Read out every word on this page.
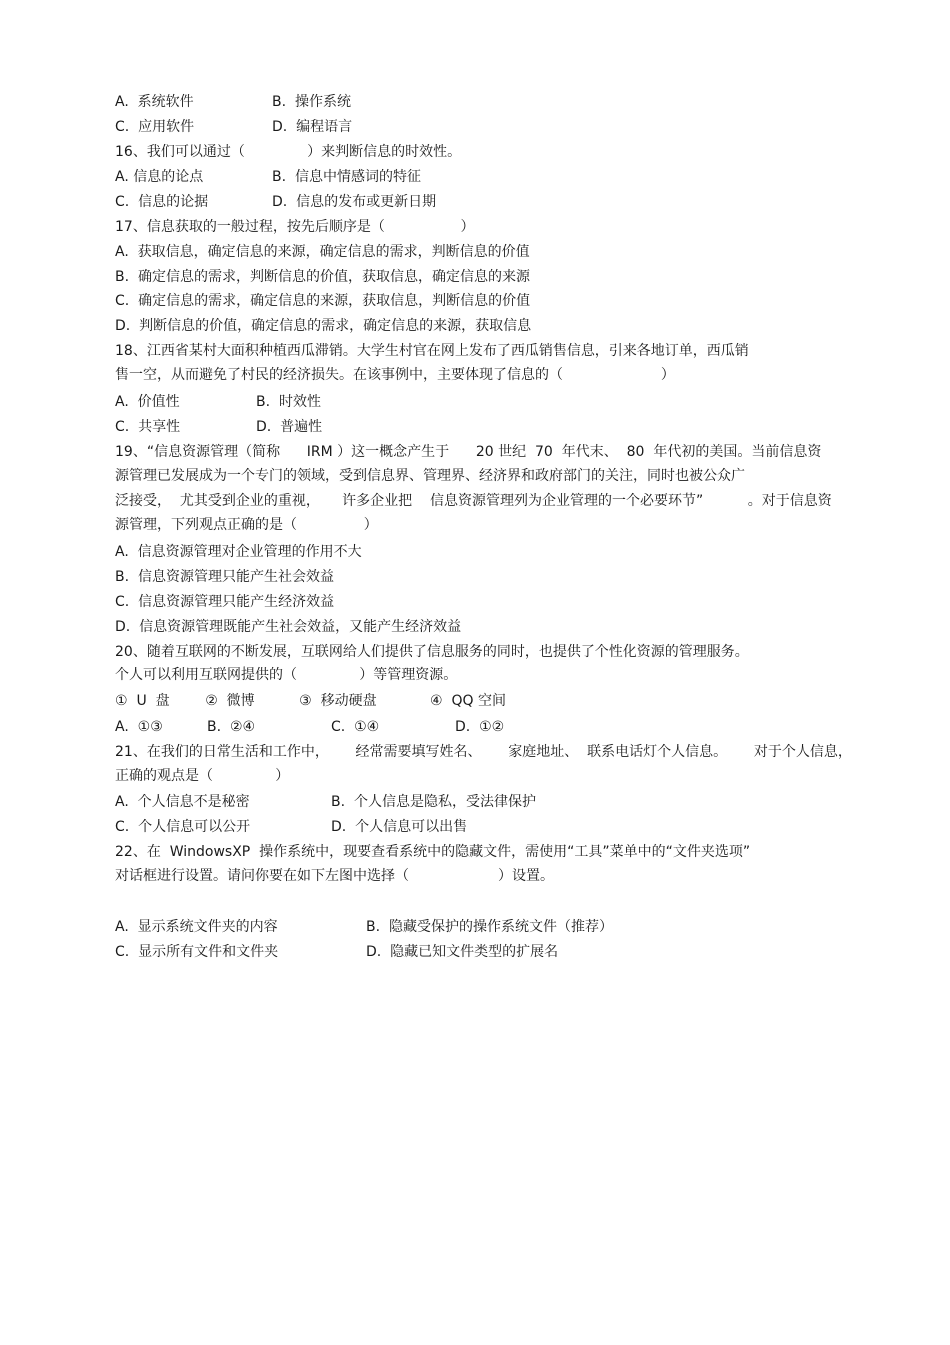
A.  系统软件	B.  操作系统
C.  应用软件	D.  编程语言
16、我们可以通过（              ）来判断信息的时效性。
A. 信息的论点	B.  信息中情感词的特征
C.  信息的论据	D.  信息的发布或更新日期
17、信息获取的一般过程，按先后顺序是（                 ）
A.  获取信息，确定信息的来源，确定信息的需求，判断信息的价值
B.  确定信息的需求，判断信息的价值，获取信息，确定信息的来源
C.  确定信息的需求，确定信息的来源，获取信息，判断信息的价值
D.  判断信息的价值，确定信息的需求，确定信息的来源，获取信息
18、江西省某村大面积种植西瓜滞销。大学生村官在网上发布了西瓜销售信息，引来各地订单，西瓜销
售一空，从而避免了村民的经济损失。在该事例中，主要体现了信息的（                      ）
A.  价值性	B.  时效性
C.  共享性	D.  普遍性
19、“信息资源管理（简称      IRM ）这一概念产生于      20 世纪  70  年代末、  80  年代初的美国。当前信息资
源管理已发展成为一个专门的领域，受到信息界、管理界、经济界和政府部门的关注，同时也被公众广
泛接受，  尤其受到企业的重视，     许多企业把    信息资源管理列为企业管理的一个必要环节”          。对于信息资
源管理，下列观点正确的是（               ）
A.  信息资源管理对企业管理的作用不大
B.  信息资源管理只能产生社会效益
C.  信息资源管理只能产生经济效益
D.  信息资源管理既能产生社会效益，又能产生经济效益
20、随着互联网的不断发展，互联网给人们提供了信息服务的同时，也提供了个性化资源的管理服务。
个人可以利用互联网提供的（              ）等管理资源。
①  U  盘        ②  微博          ③  移动硬盘            ④  QQ 空间
A.  ①③	B.  ②④	C.  ①④	D.  ①②
21、在我们的日常生活和工作中，      经常需要填写姓名、      家庭地址、  联系电话灯个人信息。      对于个人信息，
正确的观点是（              ）
A.  个人信息不是秘密	B.  个人信息是隐私，受法律保护
C.  个人信息可以公开	D.  个人信息可以出售
22、在  WindowsXP  操作系统中，现要查看系统中的隐藏文件，需使用“工具”菜单中的“文件夹选项”
对话框进行设置。请问你要在如下左图中选择（                    ）设置。
A.  显示系统文件夹的内容	B.  隐藏受保护的操作系统文件（推荐）
C.  显示所有文件和文件夹	D.  隐藏已知文件类型的扩展名
